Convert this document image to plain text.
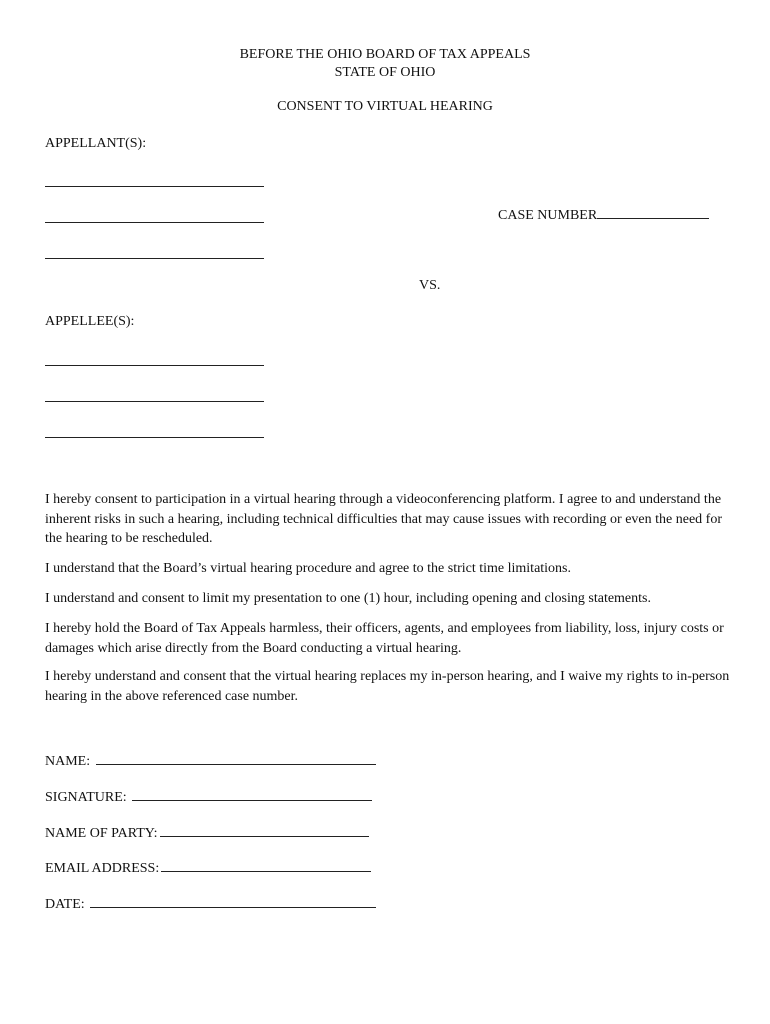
BEFORE THE OHIO BOARD OF TAX APPEALS
STATE OF OHIO
CONSENT TO VIRTUAL HEARING
APPELLANT(S):
CASE NUMBER
VS.
APPELLEE(S):
I hereby consent to participation in a virtual hearing through a videoconferencing platform. I agree to and understand the inherent risks in such a hearing, including technical difficulties that may cause issues with recording or even the need for the hearing to be rescheduled.
I understand that the Board’s virtual hearing procedure and agree to the strict time limitations.
I understand and consent to limit my presentation to one (1) hour, including opening and closing statements.
I hereby hold the Board of Tax Appeals harmless, their officers, agents, and employees from liability, loss, injury costs or damages which arise directly from the Board conducting a virtual hearing.
I hereby understand and consent that the virtual hearing replaces my in-person hearing, and I waive my rights to in-person hearing in the above referenced case number.
NAME:
SIGNATURE:
NAME OF PARTY:
EMAIL ADDRESS:
DATE:
